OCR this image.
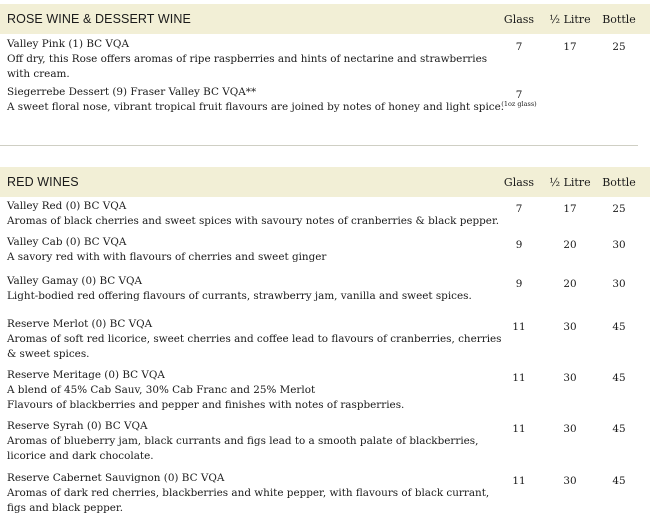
ROSE WINE & DESSERT WINE	Glass	½ Litre	Bottle
Valley Pink (1) BC VQA
Off dry, this Rose offers aromas of ripe raspberries and hints of nectarine and strawberries with cream.
7	17	25
Siegerrebe Dessert (9) Fraser Valley BC VQA**
A sweet floral nose, vibrant tropical fruit flavours are joined by notes of honey and light spice.
7
(1oz glass)
RED WINES	Glass	½ Litre	Bottle
Valley Red (0) BC VQA
Aromas of black cherries and sweet spices with savoury notes of cranberries & black pepper.
7	17	25
Valley Cab (0) BC VQA
A savory red with with flavours of cherries and sweet ginger
9	20	30
Valley Gamay (0) BC VQA
Light-bodied red offering flavours of currants, strawberry jam, vanilla and sweet spices.
9	20	30
Reserve Merlot (0) BC VQA
Aromas of soft red licorice, sweet cherries and coffee lead to flavours of cranberries, cherries & sweet spices.
11	30	45
Reserve Meritage (0) BC VQA
A blend of 45% Cab Sauv, 30% Cab Franc and 25% Merlot
Flavours of blackberries and pepper and finishes with notes of raspberries.
11	30	45
Reserve Syrah (0) BC VQA
Aromas of blueberry jam, black currants and figs lead to a smooth palate of blackberries, licorice and dark chocolate.
11	30	45
Reserve Cabernet Sauvignon (0) BC VQA
Aromas of dark red cherries, blackberries and white pepper, with flavours of black currant, figs and black pepper.
11	30	45
